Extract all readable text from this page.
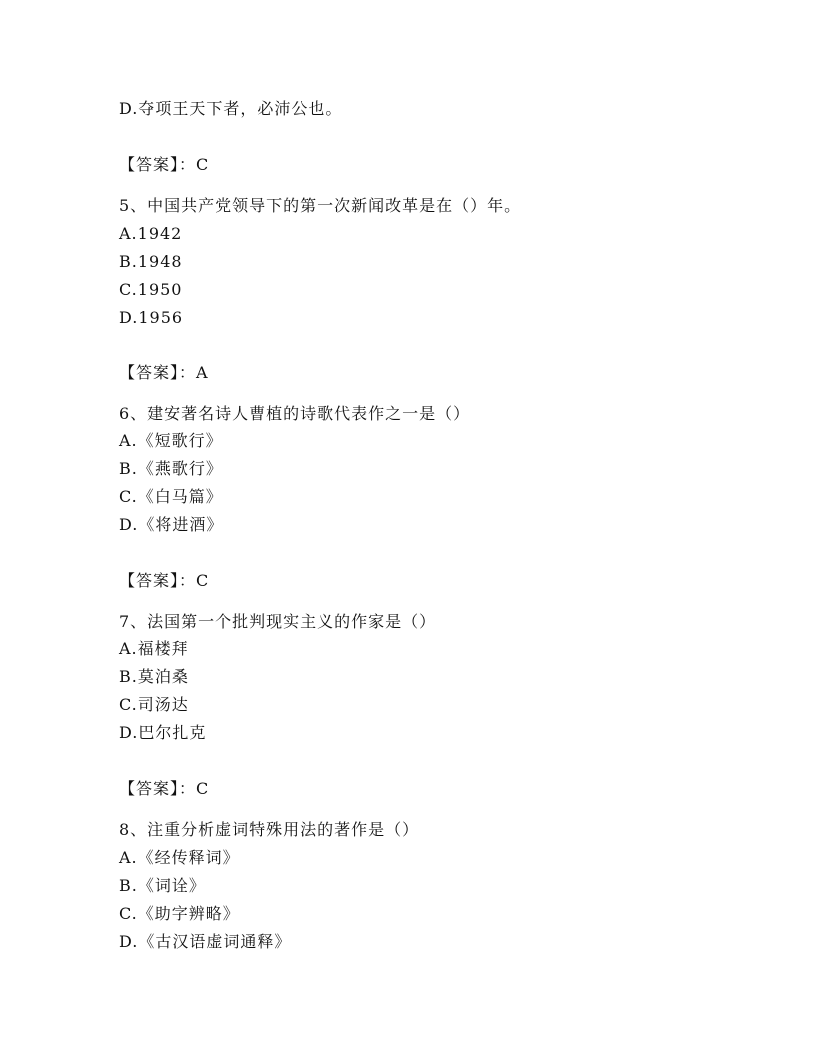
D.夺项王天下者，必沛公也。
【答案】：C
5、中国共产党领导下的第一次新闻改革是在（）年。
A.1942
B.1948
C.1950
D.1956
【答案】：A
6、建安著名诗人曹植的诗歌代表作之一是（）
A.《短歌行》
B.《燕歌行》
C.《白马篇》
D.《将进酒》
【答案】：C
7、法国第一个批判现实主义的作家是（）
A.福楼拜
B.莫泊桑
C.司汤达
D.巴尔扎克
【答案】：C
8、注重分析虚词特殊用法的著作是（）
A.《经传释词》
B.《词诠》
C.《助字辨略》
D.《古汉语虚词通释》
